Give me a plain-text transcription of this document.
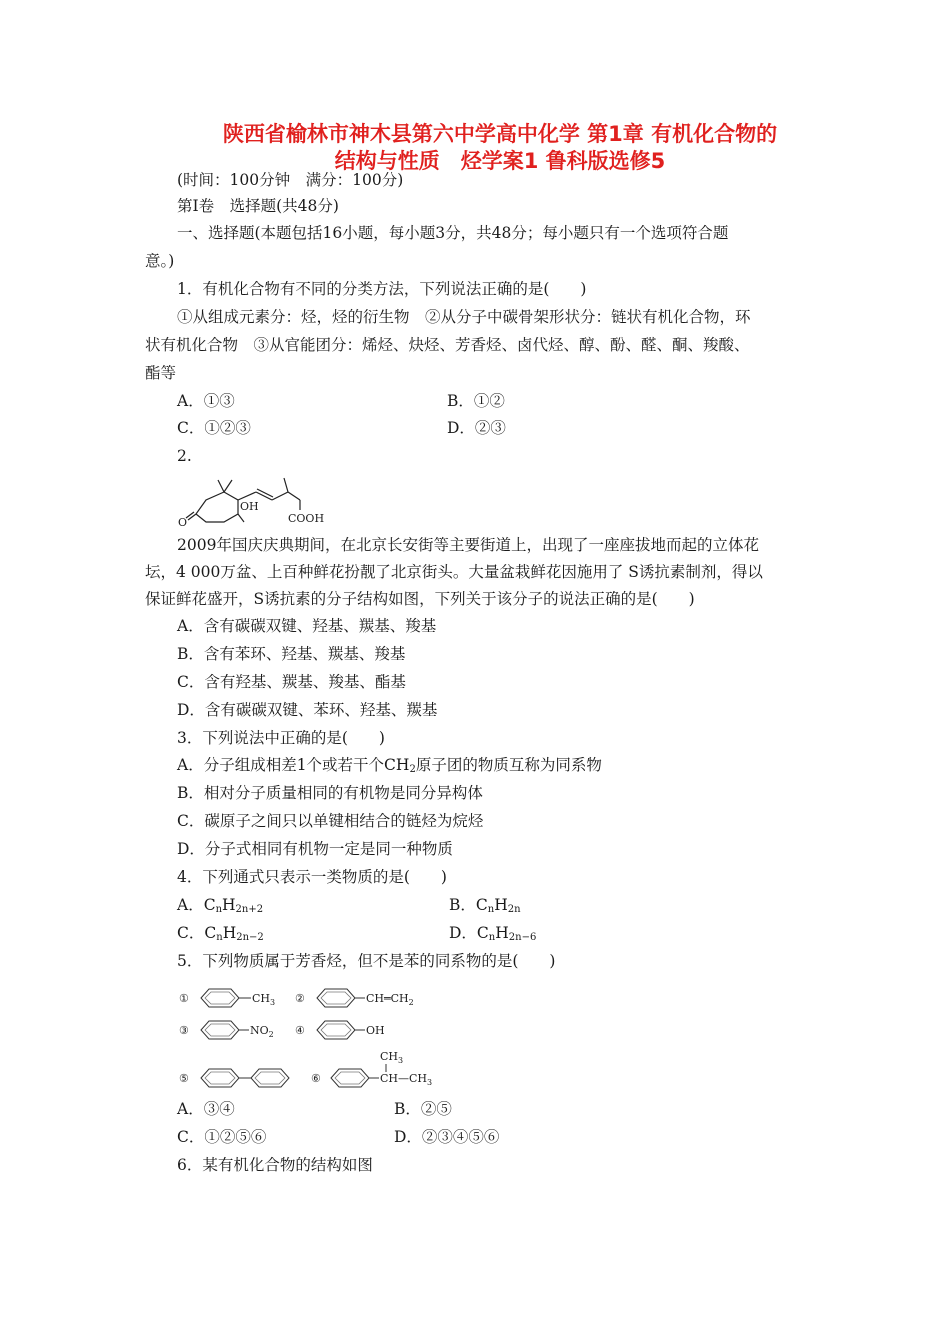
陕西省榆林市神木县第六中学高中化学 第1章 有机化合物的
结构与性质　烃学案1 鲁科版选修5
(时间：100分钟　满分：100分)
第Ⅰ卷　选择题(共48分)
一、选择题(本题包括16小题，每小题3分，共48分；每小题只有一个选项符合题
意。)
1．有机化合物有不同的分类方法，下列说法正确的是(　　)
①从组成元素分：烃，烃的衍生物　②从分子中碳骨架形状分：链状有机化合物，环
状有机化合物　③从官能团分：烯烃、炔烃、芳香烃、卤代烃、醇、酚、醛、酮、羧酸、
酯等
A．①③	B．①②
C．①②③	D．②③
2.
OH
O	COOH
2009年国庆庆典期间，在北京长安街等主要街道上，出现了一座座拔地而起的立体花
坛，4 000万盆、上百种鲜花扮靓了北京街头。大量盆栽鲜花因施用了 S诱抗素制剂，得以
保证鲜花盛开，S诱抗素的分子结构如图，下列关于该分子的说法正确的是(　　)
A．含有碳碳双键、羟基、羰基、羧基
B．含有苯环、羟基、羰基、羧基
C．含有羟基、羰基、羧基、酯基
D．含有碳碳双键、苯环、羟基、羰基
3．下列说法中正确的是(　　)
A．分子组成相差1个或若干个$CH_2$原子团的物质互称为同系物
B．相对分子质量相同的有机物是同分异构体
C．碳原子之间只以单键相结合的链烃为烷烃
D．分子式相同有机物一定是同一种物质
4．下列通式只表示一类物质的是(　　)
A．$C_nH_{2n+2}$	B．$C_nH_{2n}$
C．$C_nH_{2n-2}$	D．$C_nH_{2n-6}$
5．下列物质属于芳香烃，但不是苯的同系物的是(　　)
①	$CH_3$ ②	$CH═CH_2$
③	$NO_2$ ④	OH
⑤	⑥
$CH_3$
$CH—CH_3$
A．③④	B．②⑤
C．①②⑤⑥	D．②③④⑤⑥
6．某有机化合物的结构如图
